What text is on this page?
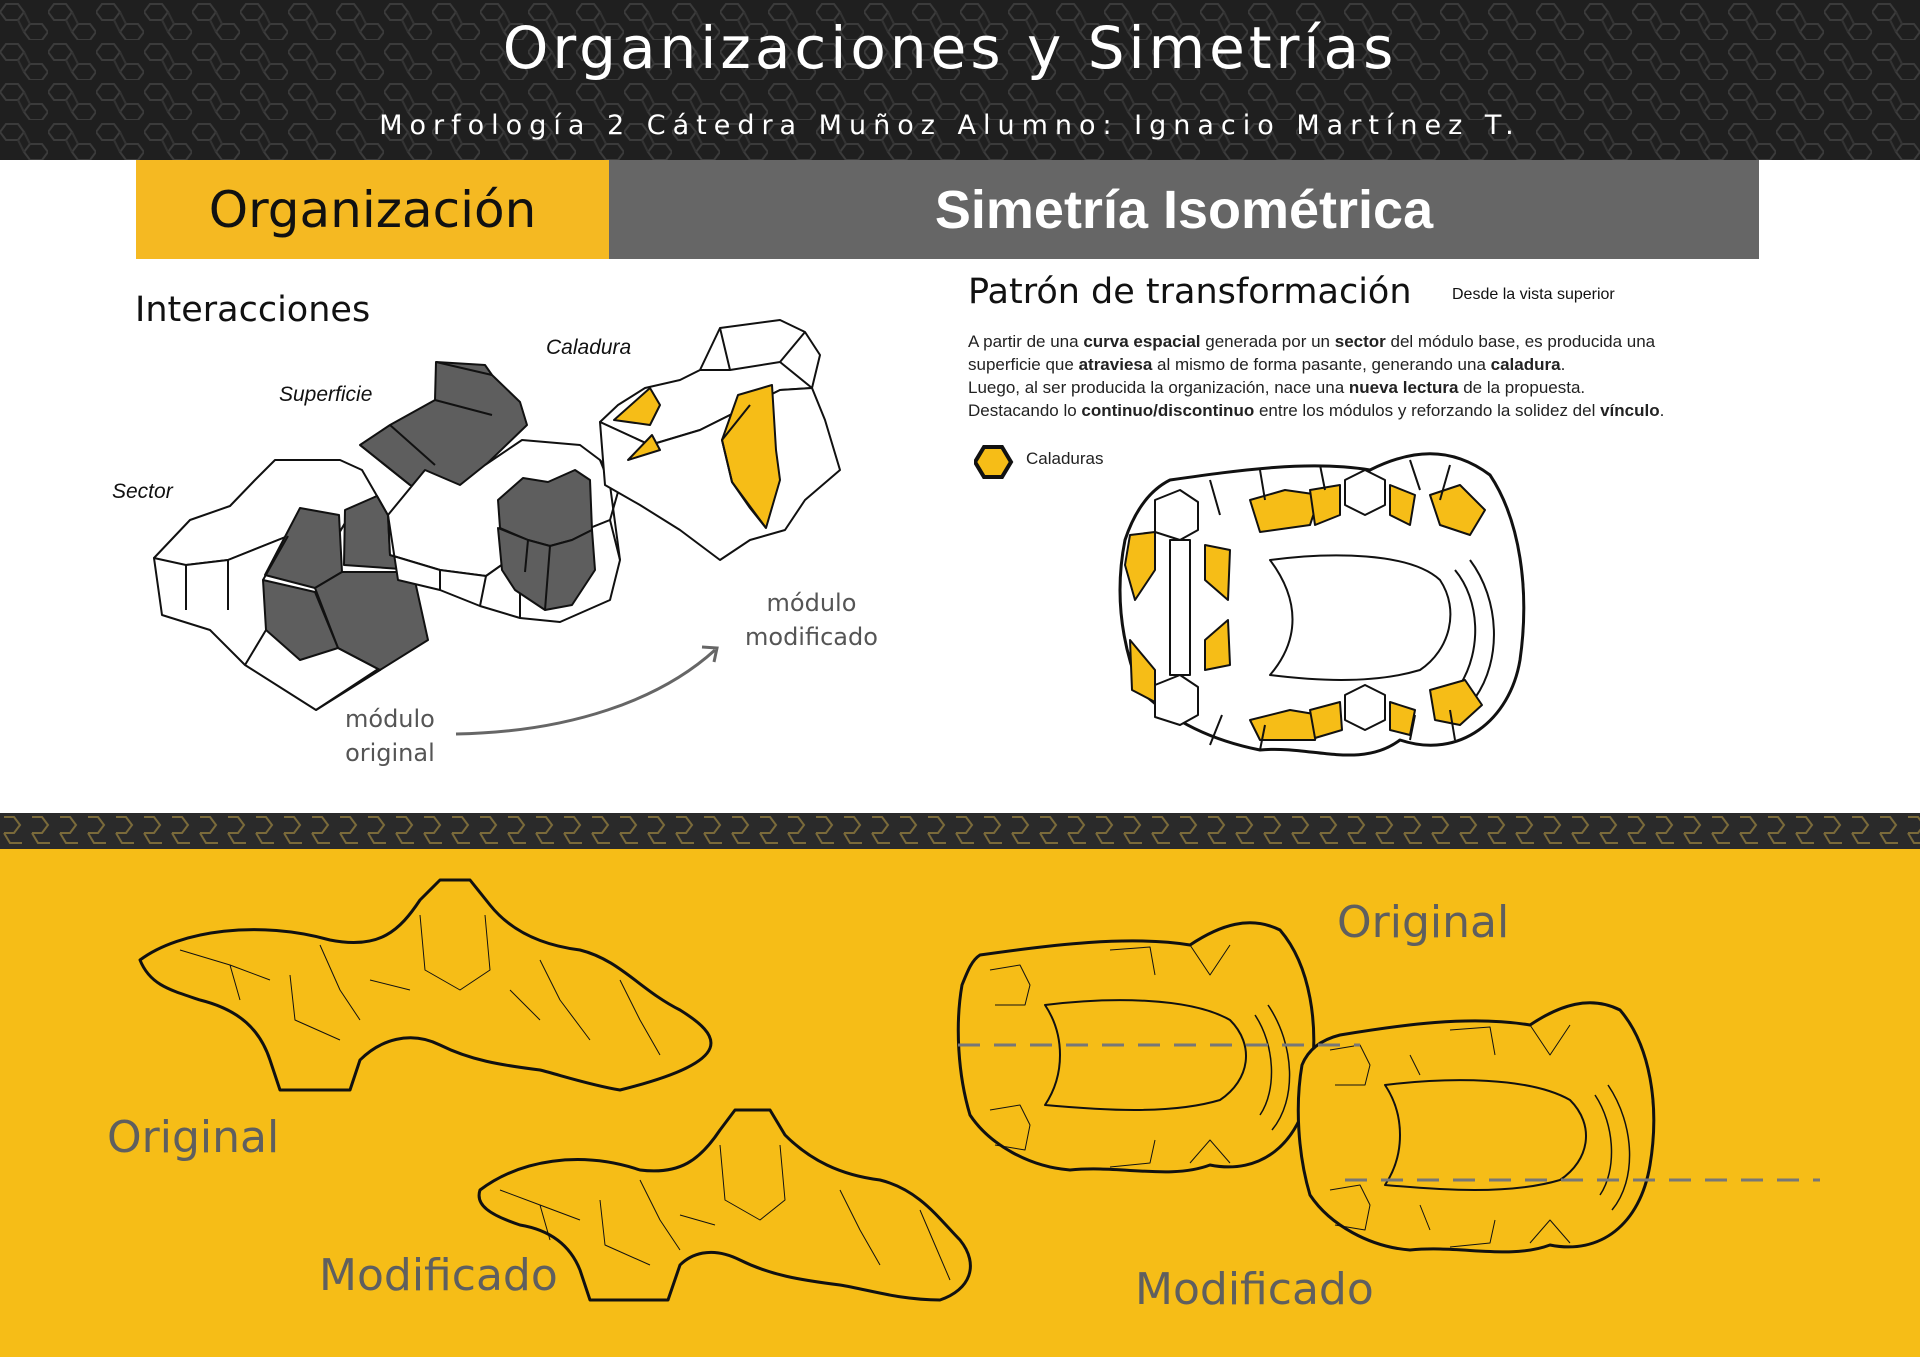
Organizaciones y Simetrías
Morfología 2 Cátedra Muñoz Alumno: Ignacio Martínez T.
Organización	Simetría Isométrica
Interacciones
Sector
Superficie
Caladura
módulo
original
módulo
modificado
Patrón de transformación	Desde la vista superior
A partir de una curva espacial generada por un sector del módulo base, es producida una
superficie que atraviesa al mismo de forma pasante, generando una caladura.
Luego, al ser producida la organización, nace una nueva lectura de la propuesta.
Destacando lo continuo/discontinuo entre los módulos y reforzando la solidez del vínculo.
Caladuras
Original
Modificado
Original
Modificado
